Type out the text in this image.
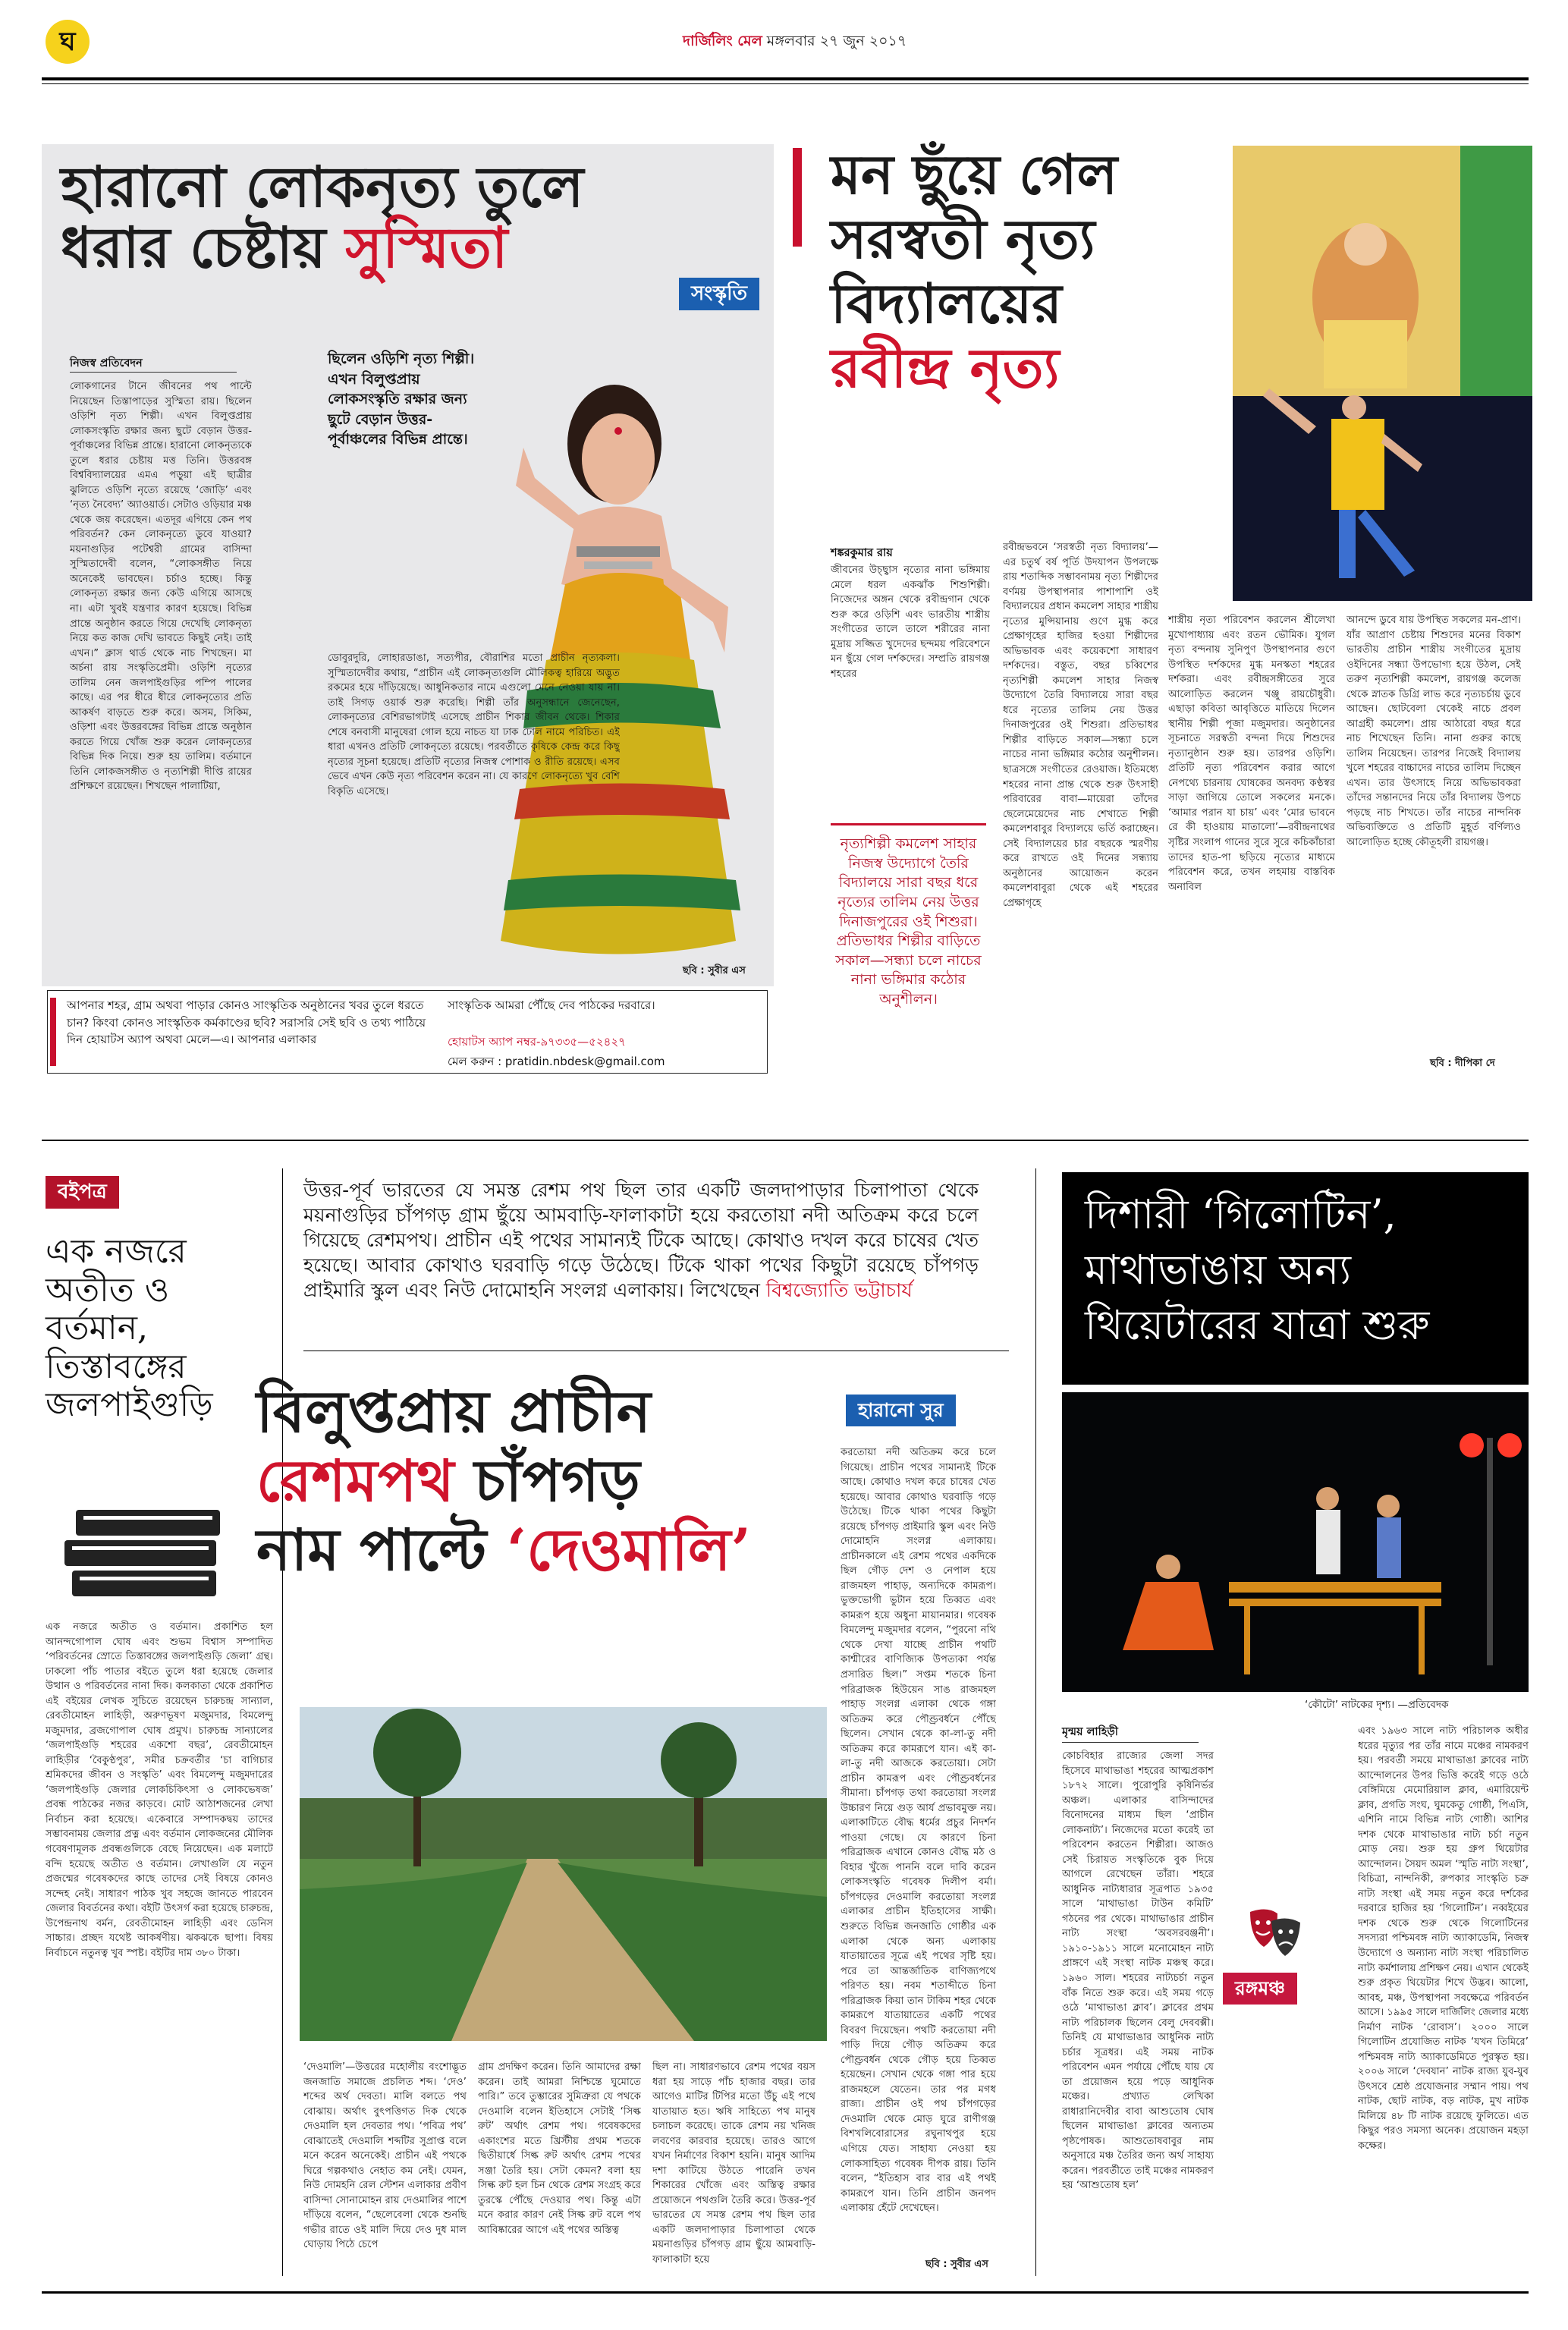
ঘ	দার্জিলিং মেল মঙ্গলবার ২৭ জুন ২০১৭
হারানো লোকনৃত্য তুলে
ধরার চেষ্টায় সুস্মিতা
নিজস্ব প্রতিবেদন
লোকগানের টানে জীবনের পথ পাল্টে নিয়েছেন তিস্তাপাড়ের সুস্মিতা রায়। ছিলেন ওড়িশি নৃত্য শিল্পী। এখন বিলুপ্তপ্রায় লোকসংস্কৃতি রক্ষার জন্য ছুটে বেড়ান উত্তর-পূর্বাঞ্চলের বিভিন্ন প্রান্তে। হারানো লোকনৃত্যকে তুলে ধরার চেষ্টায় মত্ত তিনি। উত্তরবঙ্গ বিশ্ববিদ্যালয়ের এমএ পড়ুয়া এই ছাত্রীর ঝুলিতে ওড়িশি নৃত্যে রয়েছে ‘জোড়ি’ এবং ‘নৃত্য নৈবেদ্য’ অ্যাওয়ার্ড। সেটাও ওড়িয়ার মঞ্চ থেকে জয় করেছেন। এতদূর এগিয়ে কেন পথ পরিবর্তন? কেন লোকনৃত্যে ডুবে যাওয়া? ময়নাগুড়ির পটেশ্বরী গ্রামের বাসিন্দা সুস্মিতাদেবী বলেন, “লোকসঙ্গীত নিয়ে অনেকেই ভাবছেন। চর্চাও হচ্ছে। কিন্তু লোকনৃত্য রক্ষার জন্য কেউ এগিয়ে আসছে না। এটা খুবই যন্ত্রণার কারণ হয়েছে। বিভিন্ন প্রান্তে অনুষ্ঠান করতে গিয়ে দেখেছি লোকনৃত্য নিয়ে কত কাজ দেখি ভাবতে কিছুই নেই। তাই এখন।” ক্লাস থার্ড থেকে নাচ শিখছেন। মা অর্চনা রায় সংস্কৃতিপ্রেমী। ওড়িশি নৃত্যের তালিম নেন জলপাইগুড়ির পম্পি পালের কাছে। এর পর ধীরে ধীরে লোকনৃত্যের প্রতি আকর্ষণ বাড়তে শুরু করে। অসম, সিকিম, ওড়িশা এবং উত্তরবঙ্গের বিভিন্ন প্রান্তে অনুষ্ঠান করতে গিয়ে খোঁজ শুরু করেন লোকনৃত্যের বিভিন্ন দিক নিয়ে। শুরু হয় তালিম। বর্তমানে তিনি লোকজসঙ্গীত ও নৃত্যশিল্পী দীপ্তি রায়ের প্রশিক্ষণে রয়েছেন। শিখছেন পালাটিয়া,
ছিলেন ওড়িশি নৃত্য শিল্পী। এখন বিলুপ্তপ্রায় লোকসংস্কৃতি রক্ষার জন্য ছুটে বেড়ান উত্তর-পূর্বাঞ্চলের বিভিন্ন প্রান্তে।
ডোবুরদুরি, লোহারডাঙা, সত্যপীর, বৌরাশির মতো প্রাচীন নৃত্যকলা। সুস্মিতাদেবীর কথায়, “প্রাচীন এই লোকনৃত্যগুলি মৌলিকত্ব হারিয়ে অদ্ভুত রকমের হয়ে দাঁড়িয়েছে। আধুনিকতার নামে এগুলো মেনে নেওয়া যায় না। তাই সিগড় ওয়ার্ক শুরু করেছি। শিল্পী তাঁর অনুসন্ধানে জেনেছেন, লোকনৃত্যের বেশিরভাগটাই এসেছে প্রাচীন শিকার জীবন থেকে। শিকার শেষে বনবাসী মানুষেরা গোল হয়ে নাচত যা ঢাক ঢোল নামে পরিচিত। এই ধারা এখনও প্রতিটি লোকনৃত্যে রয়েছে। পরবর্তীতে কৃষিকে কেন্দ্র করে কিছু নৃত্যের সূচনা হয়েছে। প্রতিটি নৃত্যের নিজস্ব পোশাক ও রীতি রয়েছে। এসব ভেবে এখন কেউ নৃত্য পরিবেশন করেন না। যে কারণে লোকনৃত্যে খুব বেশি বিকৃতি এসেছে।
ছবি : সুবীর এস
আপনার শহর, গ্রাম অথবা পাড়ার কোনও সাংস্কৃতিক অনুষ্ঠানের খবর তুলে ধরতে চান? কিংবা কোনও সাংস্কৃতিক কর্মকাণ্ডের ছবি? সরাসরি সেই ছবি ও তথ্য পাঠিয়ে দিন হোয়াটস অ্যাপ অথবা মেলে—এ। আপনার এলাকার
সাংস্কৃতিক আমরা পৌঁছে দেব পাঠকের দরবারে।
হোয়াটস অ্যাপ নম্বর-৯৭৩৩৫—৫২৪২৭
মেল করুন : pratidin.nbdesk@gmail.com
সংস্কৃতি
মন ছুঁয়ে গেল
সরস্বতী নৃত্য
বিদ্যালয়ের
রবীন্দ্র নৃত্য
শঙ্করকুমার রায়
জীবনের উচ্ছ্বাস নৃত্যের নানা ভঙ্গিমায় মেলে ধরল একঝাঁক শিশুশিল্পী। নিজেদের অঙ্গন থেকে রবীন্দ্রগান থেকে শুরু করে ওড়িশি এবং ভারতীয় শাস্ত্রীয় সংগীতের তালে তালে শরীরের নানা মুদ্রায় সজ্জিত খুদেদের ছন্দময় পরিবেশনে মন ছুঁয়ে গেল দর্শকদের। সম্প্রতি রায়গঞ্জ শহরের
নৃত্যশিল্পী কমলেশ সাহার নিজস্ব উদ্যোগে তৈরি বিদ্যালয়ে সারা বছর ধরে নৃত্যের তালিম নেয় উত্তর দিনাজপুরের ওই শিশুরা। প্রতিভাধর শিল্পীর বাড়িতে সকাল—সন্ধ্যা চলে নাচের নানা ভঙ্গিমার কঠোর অনুশীলন।
রবীন্দ্রভবনে ‘সরস্বতী নৃত্য বিদ্যালয়’—এর চতুর্থ বর্ষ পূর্তি উদযাপন উপলক্ষে রায় শতাব্দিক সম্ভাবনাময় নৃত্য শিল্পীদের বর্ণময় উপস্থাপনার পাশাপাশি ওই বিদ্যালয়ের প্রধান কমলেশ সাহার শাস্ত্রীয় নৃত্যের মুন্সিয়ানায় গুণে মুগ্ধ করে প্রেক্ষাগৃহের হাজির হওয়া শিল্পীদের অভিভাবক এবং কয়েকশো সাধারণ দর্শকদের। বস্তুত, বছর চব্বিশের নৃত্যশিল্পী কমলেশ সাহার নিজস্ব উদ্যোগে তৈরি বিদ্যালয়ে সারা বছর ধরে নৃত্যের তালিম নেয় উত্তর দিনাজপুরের ওই শিশুরা। প্রতিভাধর শিল্পীর বাড়িতে সকাল—সন্ধ্যা চলে নাচের নানা ভঙ্গিমার কঠোর অনুশীলন। ছাত্রসঙ্গে সংগীতের রেওয়াজ। ইতিমধ্যে শহরের নানা প্রান্ত থেকে শুরু উৎসাহী পরিবারের বাবা—মায়েরা তাঁদের ছেলেমেয়েদের নাচ শেখাতে শিল্পী কমলেশবাবুর বিদ্যালয়ে ভর্তি করাচ্ছেন। সেই বিদ্যালয়ের চার বছরকে স্মরণীয় করে রাখতে ওই দিনের সন্ধ্যায় অনুষ্ঠানের আয়োজন করেন কমলেশবাবুরা থেকে এই শহরের প্রেক্ষাগৃহে
শাস্ত্রীয় নৃত্য পরিবেশন করলেন শ্রীলেখা মুখোপাধ্যায় এবং রতন ভৌমিক। যুগল নৃত্য বন্দনায় সুনিপুণ উপস্থাপনার গুণে উপস্থিত দর্শকদের মুগ্ধ মনস্কতা শহরের দর্শকরা। এবং রবীন্দ্রসঙ্গীতের সুরে আলোড়িত করলেন খঞ্জু রায়চৌধুরী। এছাড়া কবিতা আবৃত্তিতে মাতিয়ে দিলেন স্থানীয় শিল্পী পূজা মজুমদার। অনুষ্ঠানের সূচনাতে সরস্বতী বন্দনা দিয়ে শিশুদের নৃত্যানুষ্ঠান শুরু হয়। তারপর ওড়িশি। প্রতিটি নৃত্য পরিবেশন করার আগে নেপথ্যে চারনায় ঘোষকের অনবদ্য কণ্ঠস্বর সাড়া জাগিয়ে তোলে সকলের মনকে। ‘আমার পরান যা চায়’ এবং ‘মোর ভাবনে রে কী হাওয়ায় মাতালো’—রবীন্দ্রনাথের সৃষ্টির সংলাপ গানের সুরে সুরে কচিকাঁচারা তাদের হাত-পা ছড়িয়ে নৃত্যের মাধ্যমে পরিবেশন করে, তখন লহমায় বাস্তবিক অনাবিল
আনন্দে ডুবে যায় উপস্থিত সকলের মন-প্রাণ। যাঁর আপ্রাণ চেষ্টায় শিশুদের মনের বিকাশ ভারতীয় প্রাচীন শাস্ত্রীয় সংগীতের মুদ্রায় ওইদিনের সন্ধ্যা উপভোগ্য হয়ে উঠল, সেই তরুণ নৃত্যশিল্পী কমলেশ, রায়গঞ্জ কলেজ থেকে স্নাতক ডিগ্রি লাভ করে নৃত্যচর্চায় ডুবে আছেন। ছোটবেলা থেকেই নাচে প্রবল আগ্রহী কমলেশ। প্রায় আঠারো বছর ধরে নাচ শিখেছেন তিনি। নানা গুরুর কাছে তালিম নিয়েছেন। তারপর নিজেই বিদ্যালয় খুলে শহরের বাচ্চাদের নাচের তালিম দিচ্ছেন এখন। তার উৎসাহে নিয়ে অভিভাবকরা তাঁদের সন্তানদের নিয়ে তাঁর বিদ্যালয় উপচে পড়ছে নাচ শিখতে। তাঁর নাচের নান্দনিক অভিব্যক্তিতে ও প্রতিটি মুহূর্ত বর্ণিল্যও আলোড়িত হচ্ছে কৌতূহলী রায়গঞ্জ।
ছবি : দীপিকা দে
বইপত্র
এক নজরে অতীত ও বর্তমান, তিস্তাবঙ্গের জলপাইগুড়ি
এক নজরে অতীত ও বর্তমান। প্রকাশিত হল আনন্দগোপাল ঘোষ এবং শুভম বিশ্বাস সম্পাদিত ‘পরিবর্তনের স্রোতে তিস্তাবঙ্গের জলপাইগুড়ি জেলা’ গ্রন্থ। ঢাকলো পাঁচ পাতার বইতে তুলে ধরা হয়েছে জেলার উত্থান ও পরিবর্তনের নানা দিক। কলকাতা থেকে প্রকাশিত এই বইয়ের লেখক সুচিতে রয়েছেন চারুচন্দ্র সান্যাল, রেবতীমোহন লাহিড়ী, অরুণভূষণ মজুমদার, বিমলেন্দু মজুমদার, ব্রজগোপাল ঘোষ প্রমুখ। চারুচন্দ্র সান্যালের ‘জলপাইগুড়ি শহরের একশো বছর’, রেবতীমোহন লাহিড়ীর ‘বৈকুণ্ঠপুর’, সমীর চক্রবর্তীর ‘চা বাগিচার শ্রমিকদের জীবন ও সংস্কৃতি’ এবং বিমলেন্দু মজুমদারের ‘জলপাইগুড়ি জেলার লোকচিকিৎসা ও লোকভেষজ’ প্রবন্ধ পাঠকের নজর কাড়বে। মোট আঠাশজনের লেখা নির্বাচন করা হয়েছে। একেবারে সম্পাদকদ্বয় তাদের সম্ভাবনাময় জেলার প্রত্ন এবং বর্তমান লোকজনের মৌলিক গবেষণামূলক প্রবন্ধগুলিকে বেছে নিয়েছেন। এক মলাটে বন্দি হয়েছে অতীত ও বর্তমান। লেখাগুলি যে নতুন প্রজন্মের গবেষকদের কাছে তাদের সেই বিষয়ে কোনও সন্দেহ নেই। সাধারণ পাঠক খুব সহজে জানতে পারবেন জেলার বিবর্তনের কথা। বইটি উৎসর্গ করা হয়েছে চারুচন্দ্র, উপেন্দ্রনাথ বর্মন, রেবতীমোহন লাহিড়ী এবং ডেনিস সাচ্চার। প্রচ্ছদ যথেষ্ট আকর্ষণীয়। ঝকঝকে ছাপা। বিষয় নির্বাচনে নতুনত্ব খুব স্পষ্ট। বইটির দাম ৩৮০ টাকা।
উত্তর-পূর্ব ভারতের যে সমস্ত রেশম পথ ছিল তার একটি জলদাপাড়ার চিলাপাতা থেকে ময়নাগুড়ির চাঁপগড় গ্রাম ছুঁয়ে আমবাড়ি-ফালাকাটা হয়ে করতোয়া নদী অতিক্রম করে চলে গিয়েছে রেশমপথ। প্রাচীন এই পথের সামান্যই টিকে আছে। কোথাও দখল করে চাষের খেত হয়েছে। আবার কোথাও ঘরবাড়ি গড়ে উঠেছে। টিকে থাকা পথের কিছুটা রয়েছে চাঁপগড় প্রাইমারি স্কুল এবং নিউ দোমোহনি সংলগ্ন এলাকায়। লিখেছেন বিশ্বজ্যোতি ভট্টাচার্য
হারানো সুর
বিলুপ্তপ্রায় প্রাচীন
রেশমপথ চাঁপগড়
নাম পাল্টে ‘দেওমালি’
করতোয়া নদী অতিক্রম করে চলে গিয়েছে। প্রাচীন পথের সামান্যই টিকে আছে। কোথাও দখল করে চাষের খেত হয়েছে। আবার কোথাও ঘরবাড়ি গড়ে উঠেছে। টিকে থাকা পথের কিছুটা রয়েছে চাঁপগড় প্রাইমারি স্কুল এবং নিউ দোমোহনি সংলগ্ন এলাকায়। প্রাচীনকালে এই রেশম পথের একদিকে ছিল গৌড় দেশ ও নেপাল হয়ে রাজমহল পাহাড়, অন্যদিকে কামরূপ। ভুক্তভোগী ভুটান হয়ে তিব্বত এবং কামরূপ হয়ে অধুনা মায়ানমার। গবেষক বিমলেন্দু মজুমদার বলেন, “পুরনো নথি থেকে দেখা যাচ্ছে প্রাচীন পথটি কাশ্মীরের বাণিজ্যিক উপত্যকা পর্যন্ত প্রসারিত ছিল।” সপ্তম শতকে চিনা পরিব্রাজক হিউয়েন সাঙ রাজমহল পাহাড় সংলগ্ন এলাকা থেকে গঙ্গা অতিক্রম করে পৌণ্ড্রবর্ধনে পৌঁছে ছিলেন। সেখান থেকে কা-লা-তু নদী অতিক্রম করে কামরূপে যান। এই কা-লা-তু নদী আজকে করতোয়া। সেটা প্রাচীন কামরূপ এবং পৌণ্ড্রবর্ধনের সীমানা। চাঁপগড় তথা করতোয়া সংলগ্ন উচ্চারণ নিয়ে গুড় আর্য প্রভাবমুক্ত নয়। এলাকাটিতে বৌদ্ধ ধর্মের প্রচুর নিদর্শন পাওয়া গেছে। যে কারণে চিনা পরিব্রাজক এখানে কোনও বৌদ্ধ মঠ ও বিহার খুঁজে পাননি বলে দাবি করেন লোকসংস্কৃতি গবেষক দিলীপ বর্মা। চাঁপগড়ের দেওমালি করতোয়া সংলগ্ন এলাকার প্রাচীন ইতিহাসের সাক্ষী। শুরুতে বিভিন্ন জনজাতি গোষ্ঠীর এক এলাকা থেকে অন্য এলাকায় যাতায়াতের সূত্রে এই পথের সৃষ্টি হয়। পরে তা আন্তর্জাতিক বাণিজ্যপথে পরিণত হয়। নবম শতাব্দীতে চিনা পরিব্রাজক কিয়া তান টাকিম শহর থেকে কামরূপে যাতায়াতের একটি পথের বিবরণ দিয়েছেন। পথটি করতোয়া নদী পাড়ি দিয়ে গৌড় অতিক্রম করে পৌণ্ড্রবর্ধন থেকে গৌড় হয়ে তিব্বত হয়েছেন। সেখান থেকে গঙ্গা পার হয়ে রাজমহলে যেতেন। তার পর মগধ রাজ্য। প্রাচীন ওই পথ চাঁপগড়ের দেওমালি থেকে মোড় ঘুরে রাণীগঞ্জ বিশখলিবোরাসের রঘুনাথপুর হয়ে এগিয়ে যেত। সাহায্য নেওয়া হয় লোকসাহিত্য গবেষক দীপক রায়। তিনি বলেন, “ইতিহাস বার বার এই পথই কামরূপে যান। তিনি প্রাচীন জনপদ এলাকায় হেঁটে দেখেছেন।
‘দেওমালি’—উত্তরের মহোলীয় বংশোদ্ভূত জনজাতি সমাজে প্রচলিত শব্দ। ‘দেও’ শব্দের অর্থ দেবতা। মালি বলতে পথ বোঝায়। অর্থাৎ বুৎপত্তিগত দিক থেকে দেওমালি হল দেবতার পথ। ‘পবিত্র পথ’ বোঝাতেই দেওমালি শব্দটির সুপ্রাপ্ত বলে মনে করেন অনেকেই। প্রাচীন এই পথকে ঘিরে গল্পকথাও নেহাত কম নেই। যেমন, নিউ দোমহনি রেল স্টেশন এলাকার প্রবীণ বাসিন্দা সোনামোহন রায় দেওমালির পাশে দাঁড়িয়ে বলেন, “ছেলেবেলা থেকে শুনছি গভীর রাতে ওই মালি দিয়ে দেও দুধ মাল ঘোড়ায় পিঠে চেপে
গ্রাম প্রদক্ষিণ করেন। তিনি আমাদের রক্ষা করেন। তাই আমরা নিশ্চিন্তে ঘুমোতে পারি।” তবে তুম্ভারের সুমিত্রুরা যে পথকে দেওমালি বলেন ইতিহাসে সেটাই ‘সিল্ক রুট’ অর্থাৎ রেশম পথ। গবেষকদের একাংশের মতে খ্রিস্টীয় প্রথম শতকে দ্বিতীয়ার্ধে সিল্ক রুট অর্থাৎ রেশম পথের সঞ্জা তৈরি হয়। সেটা কেমন? বলা হয় সিল্ক রুট হল চিন থেকে রেশম সংগ্রহ করে তুরস্কে পৌঁছে দেওয়ার পথ। কিন্তু এটা মনে করার কারণ নেই সিল্ক রুট বলে পথ আবিষ্কারের আগে এই পথের অস্তিত্ব
ছিল না। সাধারণভাবে রেশম পথের বয়স ধরা হয় সাড়ে পাঁচ হাজার বছর। তার আগেও মাটির টিপির মতো উঁচু এই পথে যাতায়াত হত। ঋষি সাহিত্যে পথ মানুষ চলাচল করেছে। তাকে রেশম নয় খনিজ লবণের কারবার হয়েছে। তারও আগে যখন নির্মাণের বিকাশ হয়নি। মানুষ আদিম দশা কাটিয়ে উঠতে পারেনি তখন শিকারের খোঁজে এবং অস্তিত্ব রক্ষার প্রয়োজনে পথগুলি তৈরি করে। উত্তর-পূর্ব ভারতের যে সমস্ত রেশম পথ ছিল তার একটি জলদাপাড়ার চিলাপাতা থেকে ময়নাগুড়ির চাঁপগড় গ্রাম ছুঁয়ে আমবাড়ি-ফালাকাটা হয়ে	ছবি : সুবীর এস
দিশারী ‘গিলোটিন’,
মাথাভাঙায় অন্য
থিয়েটারের যাত্রা শুরু
‘কৌটো’ নাটকের দৃশ্য। —প্রতিবেদক
মৃন্ময় লাহিড়ী
কোচবিহার রাজ্যের জেলা সদর হিসেবে মাথাভাঙা শহরের আত্মপ্রকাশ ১৮৭২ সালে। পুরোপুরি কৃষিনির্ভর অঞ্চল। এলাকার বাসিন্দাদের বিনোদনের মাধ্যম ছিল ‘প্রাচীন লোকনাট্য’। নিজেদের মতো করেই তা পরিবেশন করতেন শিল্পীরা। আজও সেই চিরায়ত সংস্কৃতিকে বুক দিয়ে আগলে রেখেছেন তাঁরা। শহরে আধুনিক নাট্যধারার সূত্রপাত ১৯৩৫ সালে ‘মাথাভাঙা টাউন কমিটি’ গঠনের পর থেকে। মাথাভাঙার প্রাচীন নাট্য সংস্থা ‘অবসরবঞ্জনী’। ১৯১০-১৯১১ সালে মনোমোহন নাট্য প্রাঙ্গণে এই সংস্থা নাটক মঞ্চস্থ করে। ১৯৬০ সাল। শহরের নাট্যচর্চা নতুন বাঁক নিতে শুরু করে। এই সময় গড়ে ওঠে ‘মাথাভাঙা ক্লাব’। ক্লাবের প্রথম নাট্য পরিচালক ছিলেন বেলু দেববক্সী। তিনিই যে মাথাভাঙার আধুনিক নাট্য চর্চার সূত্রধর। এই সময় নাটক পরিবেশন এমন পর্যায়ে পৌঁছে যায় যে তা প্রয়োজন হয়ে পড়ে আধুনিক মঞ্চের। প্রখ্যাত লেখিকা রাধারানিদেবীর বাবা আশুতোষ ঘোষ ছিলেন মাথাভাঙা ক্লাবের অন্যতম পৃষ্ঠপোষক। আশুতোষবাবুর নাম অনুসারে মঞ্চ তৈরির জন্য অর্থ সাহায্য করেন। পরবর্তীতে তাই মঞ্চের নামকরণ হয় ‘আশুতোষ হল’
রঙ্গমঞ্চ
এবং ১৯৬৩ সালে নাট্য পরিচালক অধীর ধরের মৃত্যুর পর তাঁর নামে মঞ্চের নামকরণ হয়। পরবর্তী সময়ে মাথাভাঙা ক্লাবের নাট্য আন্দোলনের উপর ভিত্তি করেই গড়ে ওঠে বেঙ্গিমিয়ে মেমোরিয়াল ক্লাব, এমারিয়েন্ট ক্লাব, প্রগতি সংঘ, ঘুমকেতু গোষ্ঠী, পিএসি, এশিনি নামে বিভিন্ন নাট্য গোষ্ঠী। আশির দশক থেকে মাথাভাঙার নাট্য চর্চা নতুন মোড় নেয়। শুরু হয় গ্রুপ থিয়েটার আন্দোলন। সৈয়দ অমল ‘স্মৃতি নাট্য সংস্থা’, বিচিত্রা, নান্দনিকী, রুপকার সাংস্কৃতি চক্র নাট্য সংস্থা এই সময় নতুন করে দর্শকের দরবারে হাজির হয় ‘গিলোটিন’। নব্বইয়ের দশক থেকে শুরু থেকে গিলোটিনের সদস্যরা পশ্চিমবঙ্গ নাট্য অ্যাকাডেমি, নিজস্ব উদ্যোগে ও অন্যান্য নাট্য সংস্থা পরিচালিত নাট্য কর্মশালায় প্রশিক্ষণ নেয়। এখান থেকেই শুরু প্রকৃত থিয়েটার শিখে উদ্ভব। আলো, আবহ, মঞ্চ, উপস্থাপনা সবক্ষেত্রে পরিবর্তন আসে। ১৯৯৫ সালে দার্জিলিং জেলার মধ্যে নির্মাণ নাটক ‘রোবাস’। ২০০০ সালে গিলোটিন প্রযোজিত নাটক ‘যখন তিমিরে’ পশ্চিমবঙ্গ নাট্য অ্যাকাডেমিতে পুরস্কৃত হয়। ২০০৬ সালে ‘দেবযান’ নাটক রাজ্য যুব-যুব উৎসবে শ্রেষ্ঠ প্রযোজনার সম্মান পায়। পথ নাটক, ছোট নাটক, বড় নাটক, মুখ নাটক মিলিয়ে ৪৮ টি নাটক রয়েছে ফুলিতে। এত কিছুর পরও সমস্যা অনেক। প্রয়োজন মহড়া কক্ষের।
